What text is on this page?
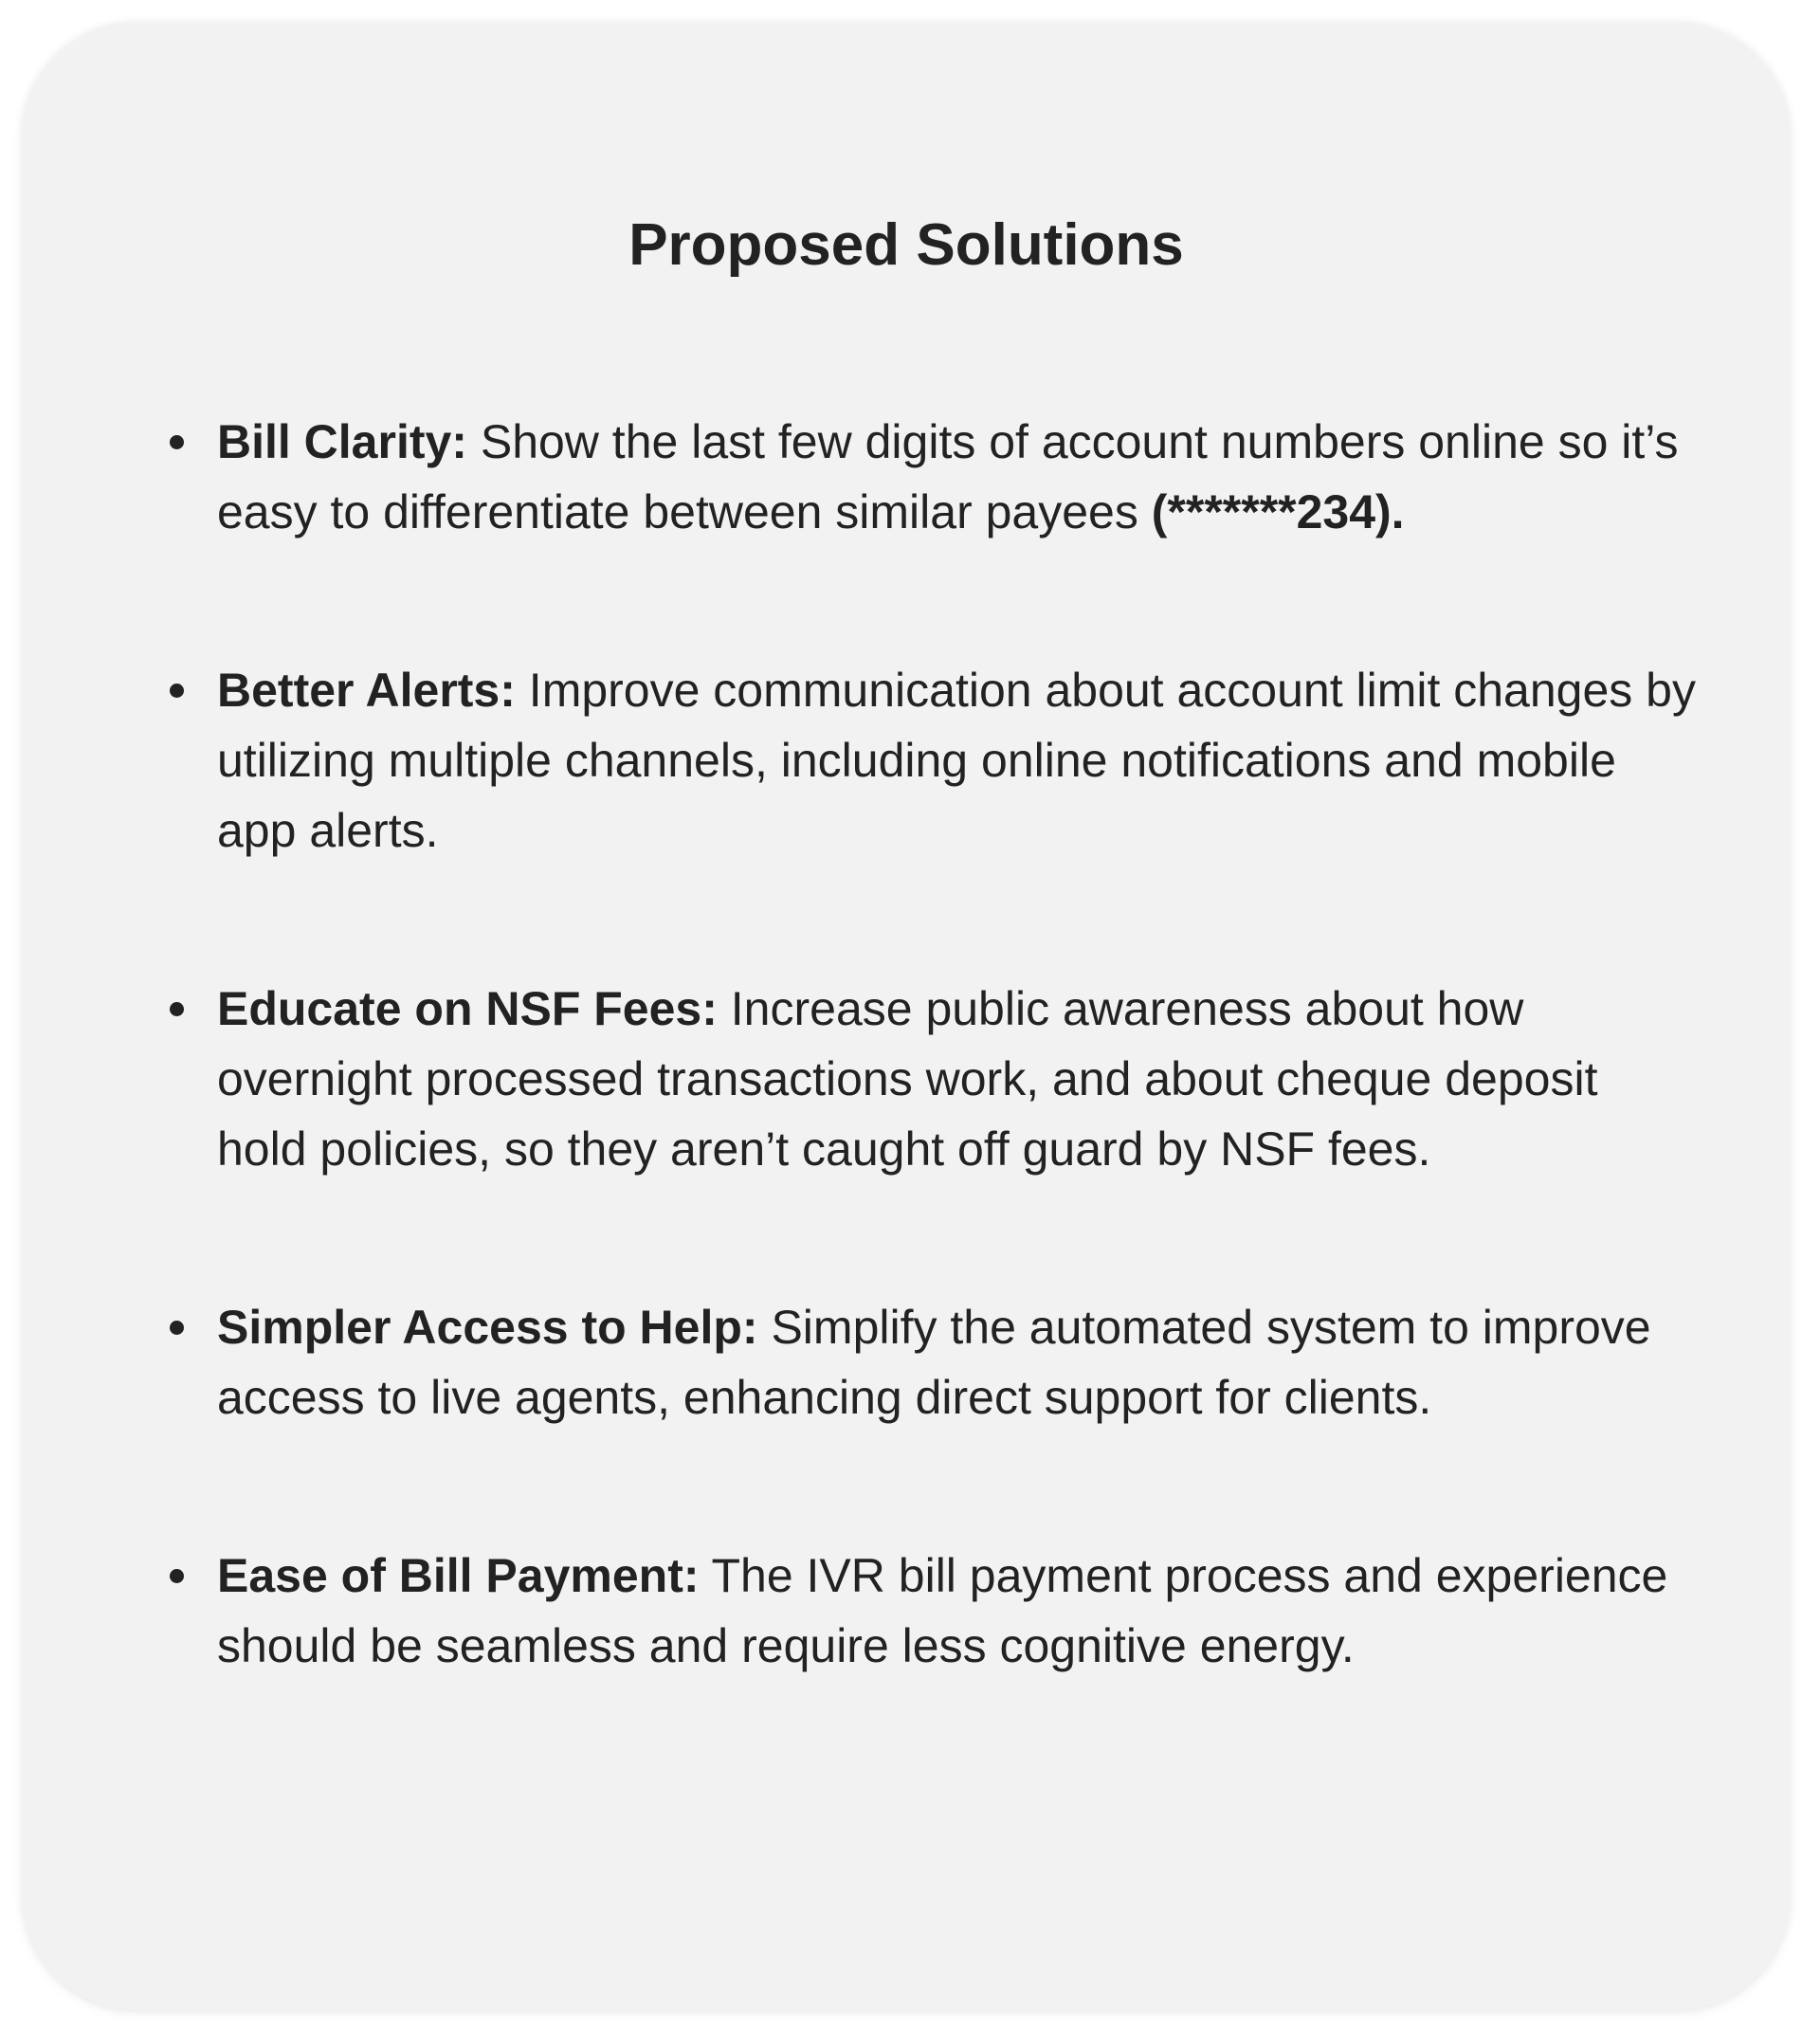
Proposed Solutions
Bill Clarity: Show the last few digits of account numbers online so it’s easy to differentiate between similar payees (*******234).
Better Alerts: Improve communication about account limit changes by utilizing multiple channels, including online notifications and mobile app alerts.
Educate on NSF Fees: Increase public awareness about how overnight processed transactions work, and about cheque deposit hold policies, so they aren’t caught off guard by NSF fees.
Simpler Access to Help: Simplify the automated system to improve access to live agents, enhancing direct support for clients.
Ease of Bill Payment: The IVR bill payment process and experience should be seamless and require less cognitive energy.
